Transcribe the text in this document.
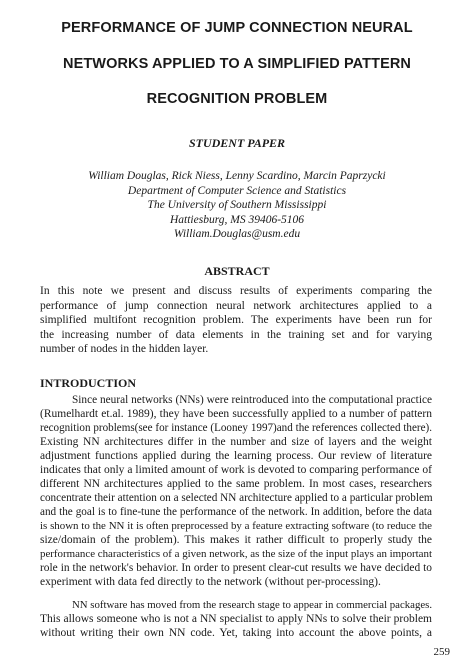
PERFORMANCE OF JUMP CONNECTION NEURAL
NETWORKS APPLIED TO A SIMPLIFIED PATTERN
RECOGNITION PROBLEM
STUDENT PAPER
William Douglas, Rick Niess, Lenny Scardino, Marcin Paprzycki
Department of Computer Science and Statistics
The University of Southern Mississippi
Hattiesburg, MS 39406-5106
William.Douglas@usm.edu
ABSTRACT
In this note we present and discuss results of experiments comparing the
performance of jump connection neural network architectures applied to a
simplified multifont recognition problem. The experiments have been run for
the increasing number of data elements in the training set and for varying
number of nodes in the hidden layer.
INTRODUCTION
Since neural networks (NNs) were reintroduced into the computational practice
(Rumelhardt et.al. 1989), they have been successfully applied to a number of pattern
recognition problems(see for instance (Looney 1997)and the references collected there).
Existing NN architectures differ in the number and size of layers and the weight
adjustment functions applied during the learning process. Our review of literature
indicates that only a limited amount of work is devoted to comparing performance of
different NN architectures applied to the same problem. In most cases, researchers
concentrate their attention on a selected NN architecture applied to a particular problem
and the goal is to fine-tune the performance of the network. In addition, before the data
is shown to the NN it is often preprocessed by a feature extracting software (to reduce the
size/domain of the problem). This makes it rather difficult to properly study the
performance characteristics of a given network, as the size of the input plays an important
role in the network's behavior. In order to present clear-cut results we have decided to
experiment with data fed directly to the network (without per-processing).
NN software has moved from the research stage to appear in commercial packages.
This allows someone who is not a NN specialist to apply NNs to solve their problem
without writing their own NN code. Yet, taking into account the above points, a
259
